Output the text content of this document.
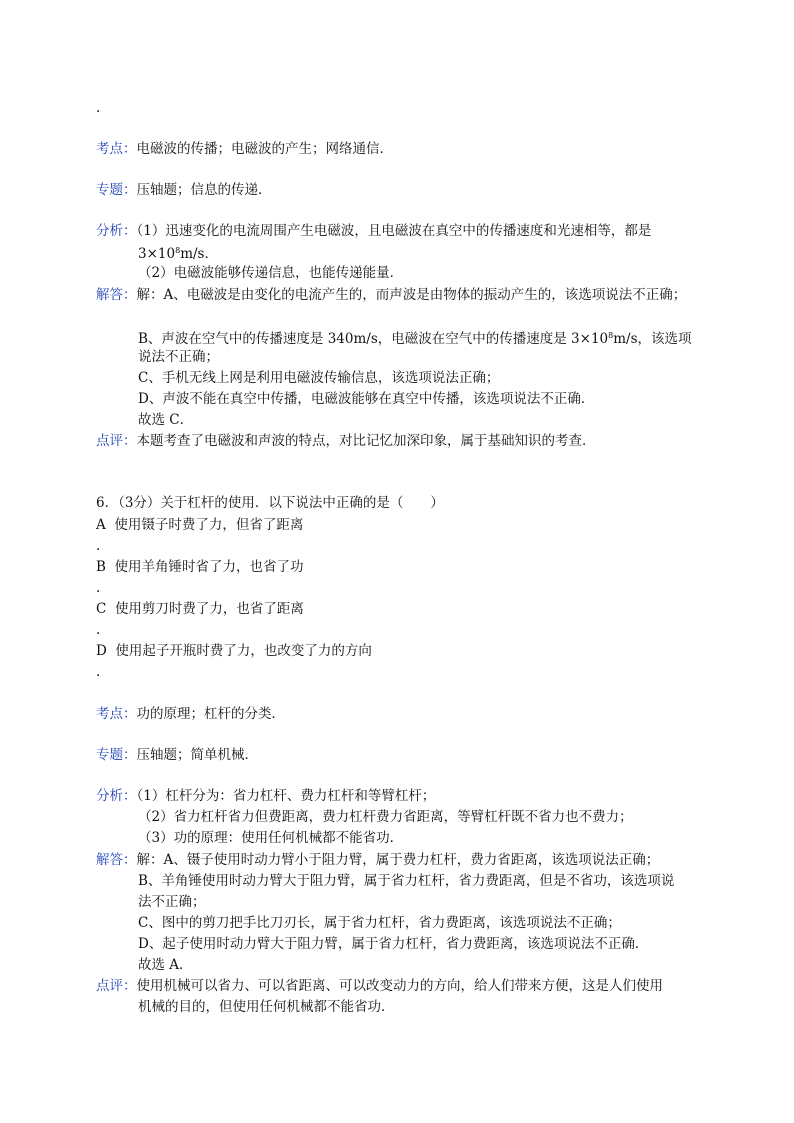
.
考点：电磁波的传播；电磁波的产生；网络通信．
专题：压轴题；信息的传递．
分析：（1）迅速变化的电流周围产生电磁波，且电磁波在真空中的传播速度和光速相等，都是
$3\times 10^8m/s$．
（2）电磁波能够传递信息，也能传递能量．
解答：解：A、电磁波是由变化的电流产生的，而声波是由物体的振动产生的，该选项说法不正确；
B、声波在空气中的传播速度是 340m/s，电磁波在空气中的传播速度是 $3\times 10^8m/s$，该选项
说法不正确；
C、手机无线上网是利用电磁波传输信息，该选项说法正确；
D、声波不能在真空中传播，电磁波能够在真空中传播，该选项说法不正确．
故选 C．
点评：本题考查了电磁波和声波的特点，对比记忆加深印象，属于基础知识的考查．
6．（3分）关于杠杆的使用．以下说法中正确的是（　　）
A 使用镊子时费了力，但省了距离
.
B 使用羊角锤时省了力，也省了功
.
C 使用剪刀时费了力，也省了距离
.
D 使用起子开瓶时费了力，也改变了力的方向
.
考点：功的原理；杠杆的分类．
专题：压轴题；简单机械．
分析：（1）杠杆分为：省力杠杆、费力杠杆和等臂杠杆；
（2）省力杠杆省力但费距离，费力杠杆费力省距离，等臂杠杆既不省力也不费力；
（3）功的原理：使用任何机械都不能省功．
解答：解：A、镊子使用时动力臂小于阻力臂，属于费力杠杆，费力省距离，该选项说法正确；
B、羊角锤使用时动力臂大于阻力臂，属于省力杠杆，省力费距离，但是不省功，该选项说
法不正确；
C、图中的剪刀把手比刀刃长，属于省力杠杆，省力费距离，该选项说法不正确；
D、起子使用时动力臂大于阻力臂，属于省力杠杆，省力费距离，该选项说法不正确．
故选 A．
点评：使用机械可以省力、可以省距离、可以改变动力的方向，给人们带来方便，这是人们使用
机械的目的，但使用任何机械都不能省功．
